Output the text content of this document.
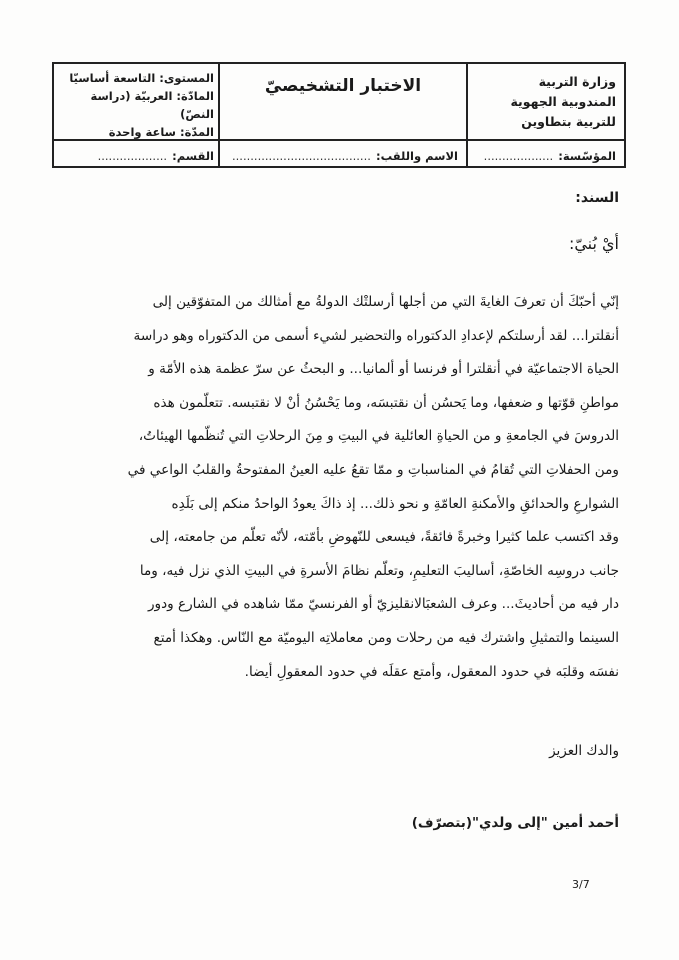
وزارة التربية
المندوبية الجهوية للتربية بتطاوين
الاختبار التشخيصيّ
المستوى: التاسعة أساسيّا
المادّة: العربيّة (دراسة النصّ)
المدّة: ساعة واحدة
المؤسّسة: ...................
الاسم واللقب: ......................................
القسم: ...................
السند:
أيْ بُنيّ:

إنّي أحبّكَ أن تعرفَ الغايةَ التي من أجلها أرسلتْك الدولةُ مع أمثالك من المتفوّقين إلى

أنقلترا... لقد أرسلتكم لإعدادِ الدكتوراه والتحضير لشيء أسمى من الدكتوراه وهو دراسة

الحياة الاجتماعيّة في أنقلترا أو فرنسا أو ألمانيا... و البحثُ عن سرّ عظمة هذه الأمّة و

مواطنِ قوّتها و ضعفها، وما يَحسُن أن نقتبسَه، وما يَحْسُنُ أنْ لا نقتبسه. تتعلّمون هذه

الدروسَ في الجامعةِ و من الحياةِ العائلية في البيتِ و مِنَ الرحلاتِ التي تُنظّمها الهيئاتُ،

ومن الحفلاتِ التي تُقامُ في المناسباتِ و ممّا تقعُ عليه العينُ المفتوحةُ والقلبُ الواعي في

الشوارعِ والحدائقِ والأمكنةِ العامّةِ و نحو ذلك... إذ ذاكَ يعودُ الواحدُ منكم إلى بَلَدِه

وقد اكتسب علما كثيرا وخبرةً فائقةً، فيسعى للنّهوضِ بأمّته، لأنّه تعلّم من جامعته، إلى

جانب دروسِه الخاصّةِ، أساليبَ التعليمِ، وتعلّم نظامَ الأسرةِ في البيتِ الذي نزل فيه، وما

دار فيه من أحاديثَ... وعرف الشعبَالانقليزيّ أو الفرنسيّ ممّا شاهده في الشارع ودور

السينما والتمثيلِ واشترك فيه من رحلات ومن معاملاتِه اليوميّة مع النّاس. وهكذا أمتع

نفسَه وقلبَه في حدود المعقول، وأمتع عقلَه في حدود المعقولِ أيضا.

والدك العزيز
أحمد أمين "إلى ولدي"(بتصرّف)
3/7
